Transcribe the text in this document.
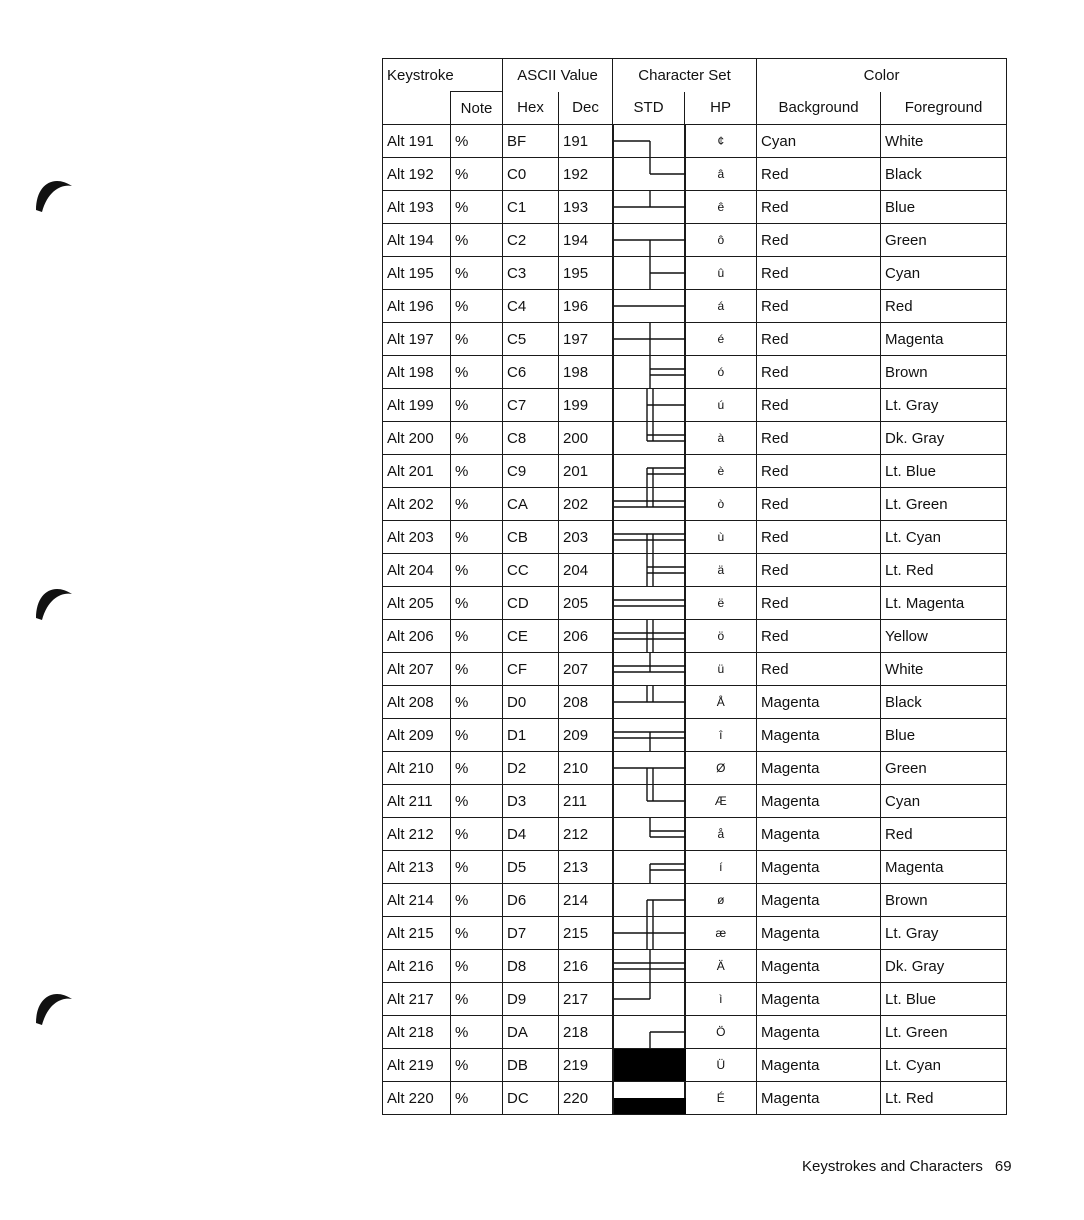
Keystroke		ASCII Value		Character Set		Color	
	Note	Hex	Dec	STD	HP	Background	Foreground
Alt 191	%	BF	191		¢	Cyan	White
Alt 192	%	C0	192		â	Red	Black
Alt 193	%	C1	193		ê	Red	Blue
Alt 194	%	C2	194		ô	Red	Green
Alt 195	%	C3	195		û	Red	Cyan
Alt 196	%	C4	196		á	Red	Red
Alt 197	%	C5	197		é	Red	Magenta
Alt 198	%	C6	198		ó	Red	Brown
Alt 199	%	C7	199		ú	Red	Lt. Gray
Alt 200	%	C8	200		à	Red	Dk. Gray
Alt 201	%	C9	201		è	Red	Lt. Blue
Alt 202	%	CA	202		ò	Red	Lt. Green
Alt 203	%	CB	203		ù	Red	Lt. Cyan
Alt 204	%	CC	204		ä	Red	Lt. Red
Alt 205	%	CD	205		ë	Red	Lt. Magenta
Alt 206	%	CE	206		ö	Red	Yellow
Alt 207	%	CF	207		ü	Red	White
Alt 208	%	D0	208		Å	Magenta	Black
Alt 209	%	D1	209		î	Magenta	Blue
Alt 210	%	D2	210		Ø	Magenta	Green
Alt 211	%	D3	211		Æ	Magenta	Cyan
Alt 212	%	D4	212		å	Magenta	Red
Alt 213	%	D5	213		í	Magenta	Magenta
Alt 214	%	D6	214		ø	Magenta	Brown
Alt 215	%	D7	215		æ	Magenta	Lt. Gray
Alt 216	%	D8	216		Ä	Magenta	Dk. Gray
Alt 217	%	D9	217		ì	Magenta	Lt. Blue
Alt 218	%	DA	218		Ö	Magenta	Lt. Green
Alt 219	%	DB	219		Ü	Magenta	Lt. Cyan
Alt 220	%	DC	220		É	Magenta	Lt. Red
Keystrokes and Characters 69
